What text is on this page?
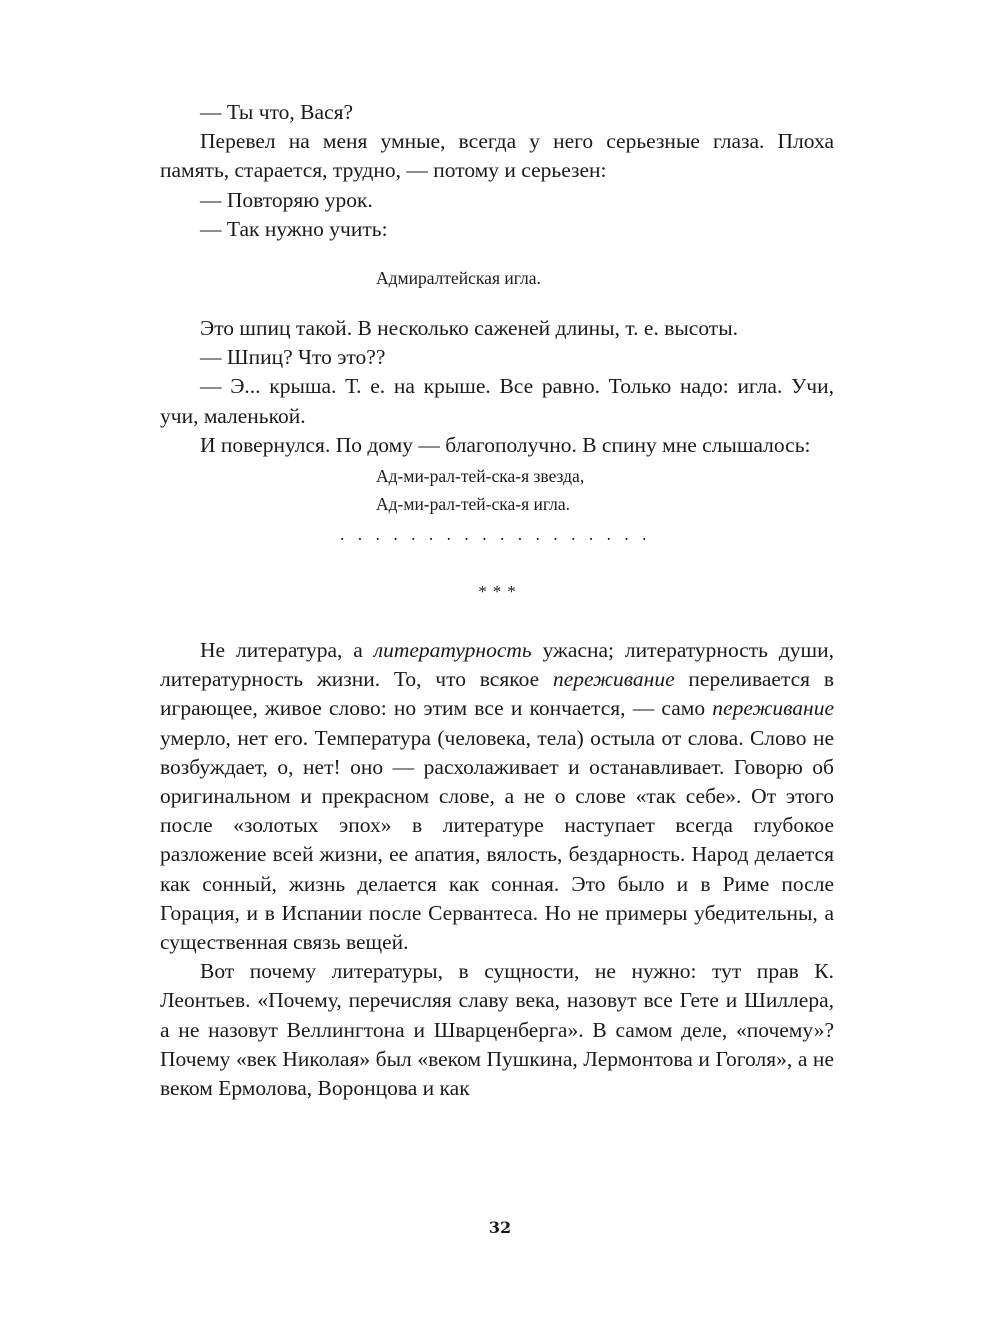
— Ты что, Вася?

Перевел на меня умные, всегда у него серьезные глаза. Плоха память, старается, трудно, — потому и серьезен:

— Повторяю урок.

— Так нужно учить:

Адмиралтейская игла.

Это шпиц такой. В несколько саженей длины, т. е. высоты.

— Шпиц? Что это??

— Э... крыша. Т. е. на крыше. Все равно. Только надо: игла. Учи, учи, маленькой.

И повернулся. По дому — благополучно. В спину мне слышалось:

Ад-ми-рал-тей-ска-я звезда,
Ад-ми-рал-тей-ска-я игла.
..................
***

Не литература, а литературность ужасна; литературность души, литературность жизни. То, что всякое переживание переливается в играющее, живое слово: но этим все и кончается, — само переживание умерло, нет его. Температура (человека, тела) остыла от слова. Слово не возбуждает, о, нет! оно — расхолаживает и останавливает. Говорю об оригинальном и прекрасном слове, а не о слове «так себе». От этого после «золотых эпох» в литературе наступает всегда глубокое разложение всей жизни, ее апатия, вялость, бездарность. Народ делается как сонный, жизнь делается как сонная. Это было и в Риме после Горация, и в Испании после Сервантеса. Но не примеры убедительны, а существенная связь вещей.

Вот почему литературы, в сущности, не нужно: тут прав К. Леонтьев. «Почему, перечисляя славу века, назовут все Гете и Шиллера, а не назовут Веллингтона и Шварценберга». В самом деле, «почему»? Почему «век Николая» был «веком Пушкина, Лермонтова и Гоголя», а не веком Ермолова, Воронцова и как

32
